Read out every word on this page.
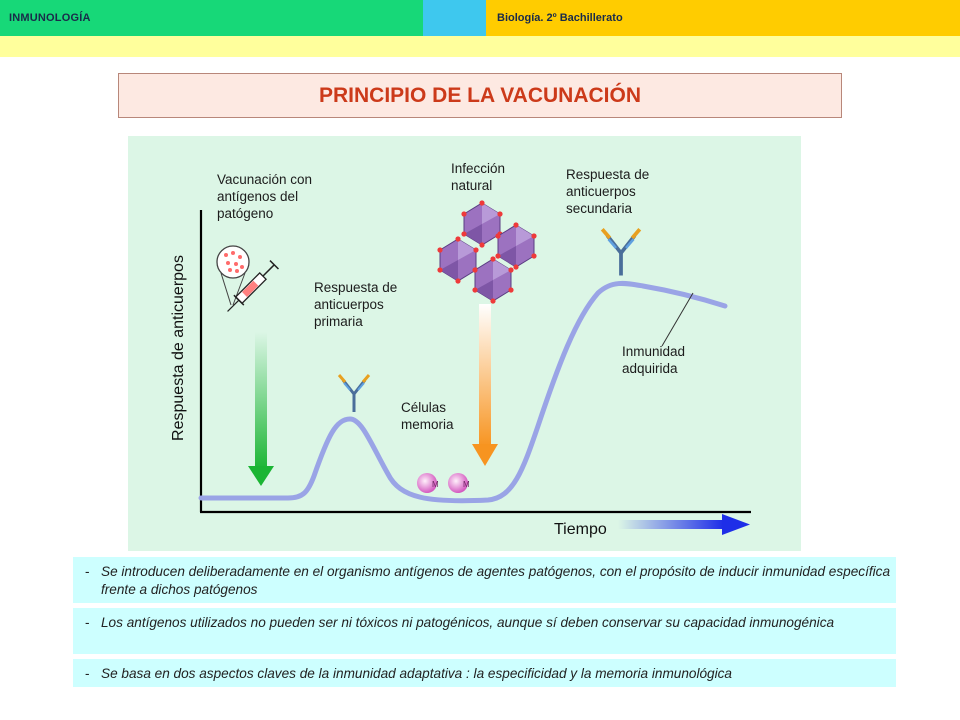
INMUNOLOGÍA	Biología. 2º Bachillerato
PRINCIPIO DE LA VACUNACIÓN
M	M
Respuesta de anticuerpos
Tiempo
Vacunación con
antígenos del
patógeno
Respuesta de
anticuerpos
primaria
Infección
natural
Respuesta de
anticuerpos
secundaria
Células
memoria
Inmunidad
adquirida
- Se introducen deliberadamente en el organismo antígenos de agentes patógenos, con el propósito de inducir inmunidad específica frente a dichos patógenos
- Los antígenos utilizados no pueden ser ni tóxicos ni patogénicos, aunque sí deben conservar su capacidad inmunogénica
- Se basa en dos aspectos claves de la inmunidad adaptativa : la especificidad y la memoria inmunológica
